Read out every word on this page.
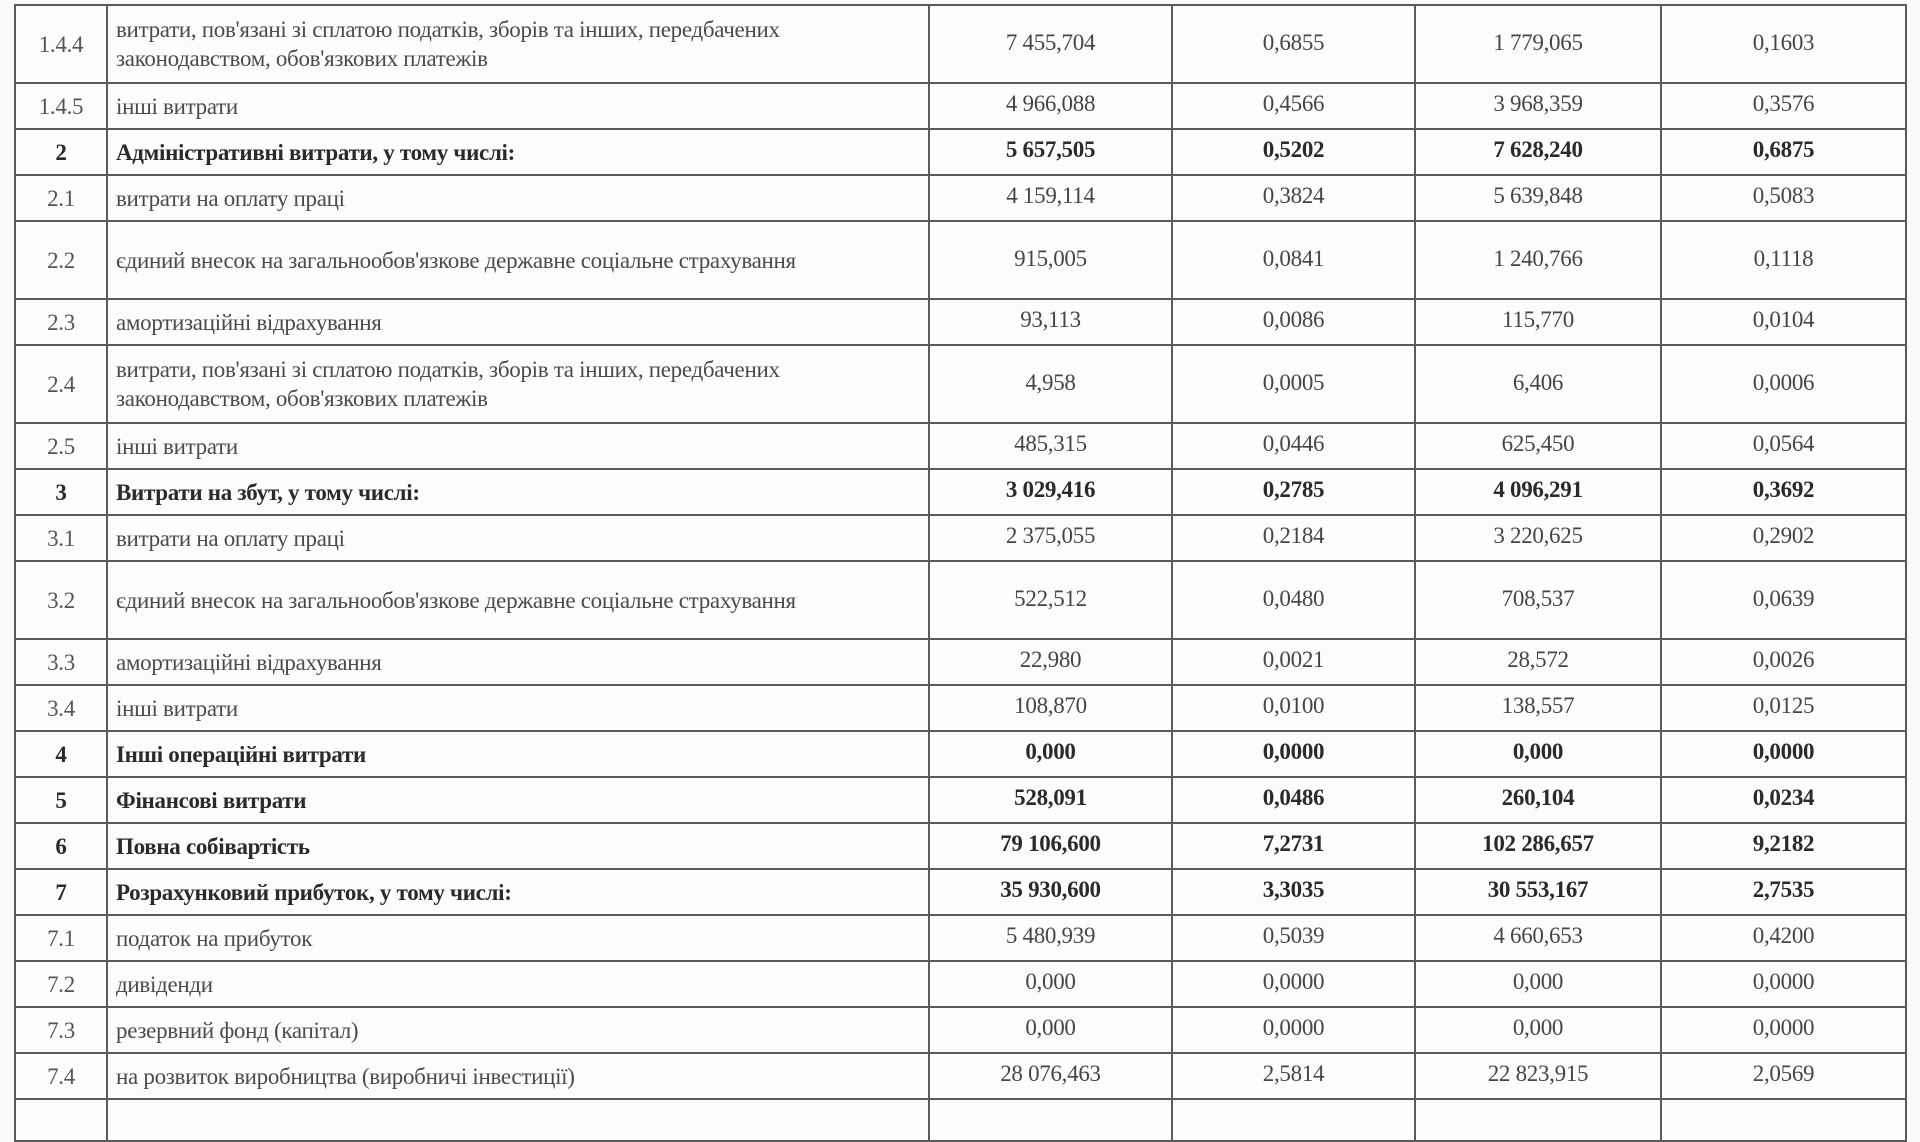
1.4.4	витрати, пов'язані зі сплатою податків, зборів та інших, передбачених законодавством, обов'язкових платежів	7 455,704	0,6855	1 779,065	0,1603
1.4.5	інші витрати	4 966,088	0,4566	3 968,359	0,3576
2	Адміністративні витрати, у тому числі:	5 657,505	0,5202	7 628,240	0,6875
2.1	витрати на оплату праці	4 159,114	0,3824	5 639,848	0,5083
2.2	єдиний внесок на загальнообов'язкове державне соціальне страхування	915,005	0,0841	1 240,766	0,1118
2.3	амортизаційні відрахування	93,113	0,0086	115,770	0,0104
2.4	витрати, пов'язані зі сплатою податків, зборів та інших, передбачених законодавством, обов'язкових платежів	4,958	0,0005	6,406	0,0006
2.5	інші витрати	485,315	0,0446	625,450	0,0564
3	Витрати на збут, у тому числі:	3 029,416	0,2785	4 096,291	0,3692
3.1	витрати на оплату праці	2 375,055	0,2184	3 220,625	0,2902
3.2	єдиний внесок на загальнообов'язкове державне соціальне страхування	522,512	0,0480	708,537	0,0639
3.3	амортизаційні відрахування	22,980	0,0021	28,572	0,0026
3.4	інші витрати	108,870	0,0100	138,557	0,0125
4	Інші операційні витрати	0,000	0,0000	0,000	0,0000
5	Фінансові витрати	528,091	0,0486	260,104	0,0234
6	Повна собівартість	79 106,600	7,2731	102 286,657	9,2182
7	Розрахунковий прибуток, у тому числі:	35 930,600	3,3035	30 553,167	2,7535
7.1	податок на прибуток	5 480,939	0,5039	4 660,653	0,4200
7.2	дивіденди	0,000	0,0000	0,000	0,0000
7.3	резервний фонд (капітал)	0,000	0,0000	0,000	0,0000
7.4	на розвиток виробництва (виробничі інвестиції)	28 076,463	2,5814	22 823,915	2,0569
